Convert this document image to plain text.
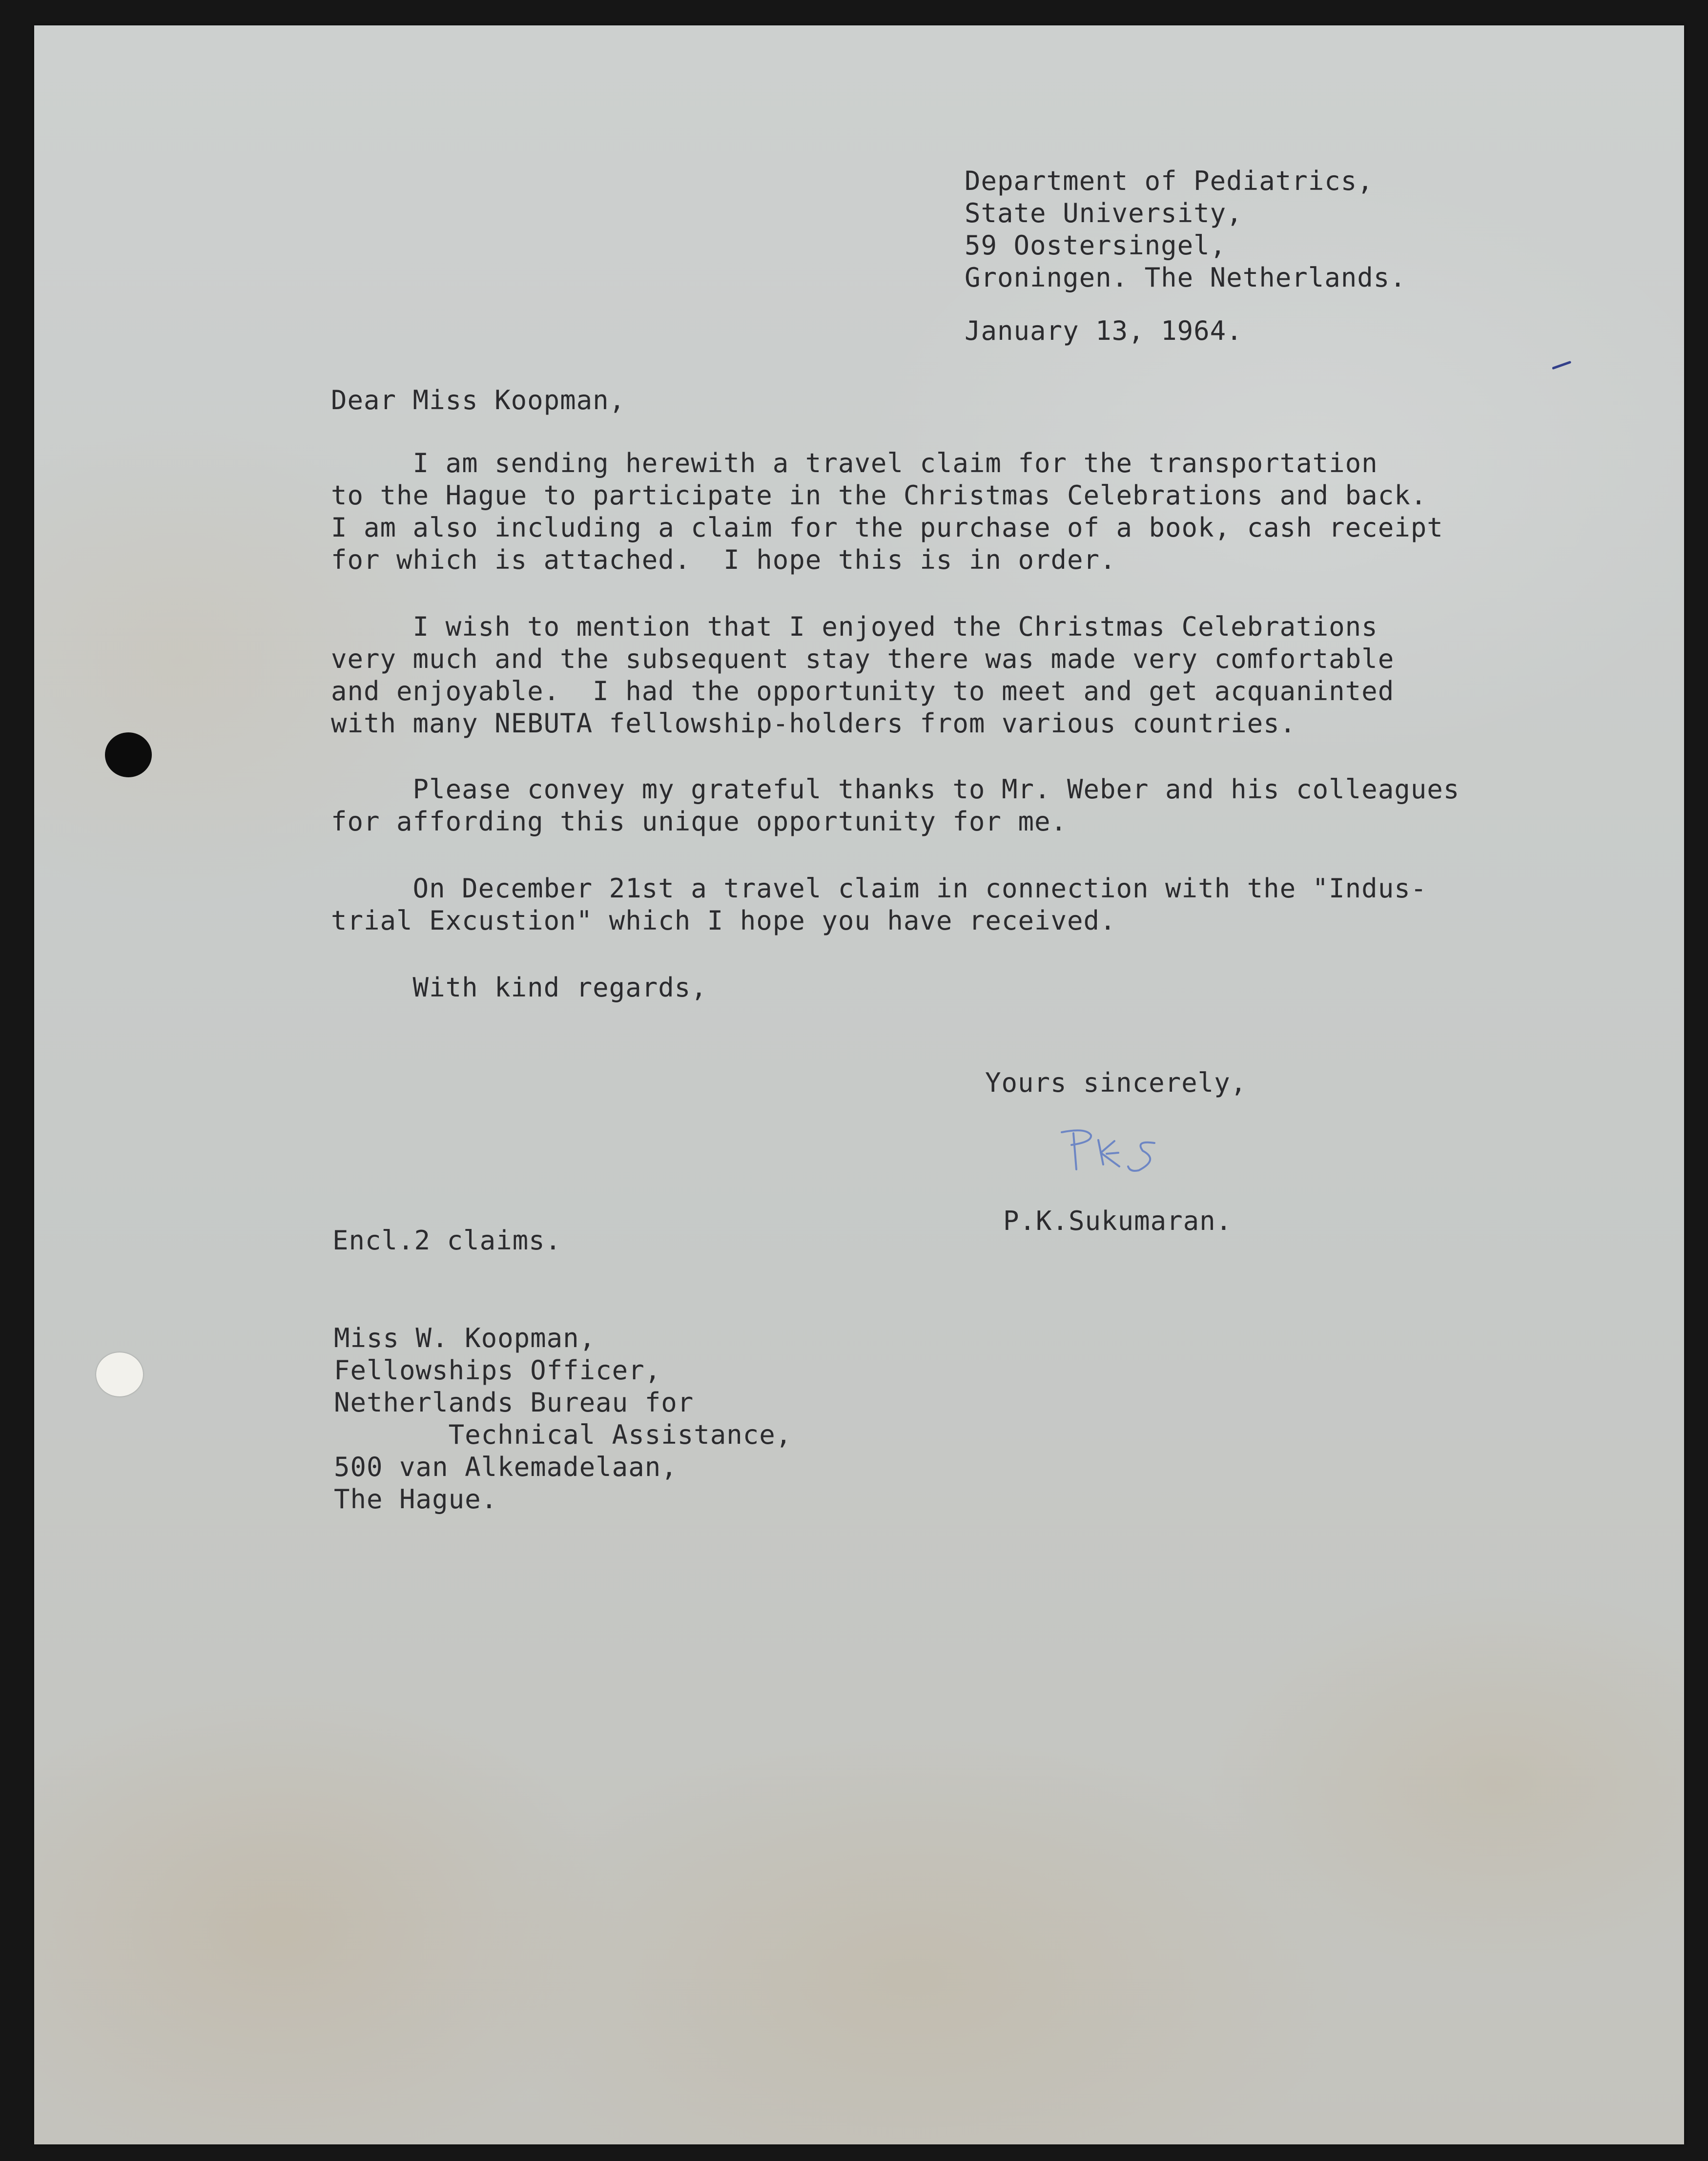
Department of Pediatrics,
State University,
59 Oostersingel,
Groningen. The Netherlands.
January 13, 1964.
Dear Miss Koopman,
I am sending herewith a travel claim for the transportation
to the Hague to participate in the Christmas Celebrations and back.
I am also including a claim for the purchase of a book, cash receipt
for which is attached.  I hope this is in order.
I wish to mention that I enjoyed the Christmas Celebrations
very much and the subsequent stay there was made very comfortable
and enjoyable.  I had the opportunity to meet and get acquaninted
with many NEBUTA fellowship-holders from various countries.
Please convey my grateful thanks to Mr. Weber and his colleagues
for affording this unique opportunity for me.
On December 21st a travel claim in connection with the "Indus-
trial Excustion" which I hope you have received.
With kind regards,
Yours sincerely,
P.K.Sukumaran.
Encl.2 claims.
Miss W. Koopman,
Fellowships Officer,
Netherlands Bureau for
Technical Assistance,
500 van Alkemadelaan,
The Hague.
